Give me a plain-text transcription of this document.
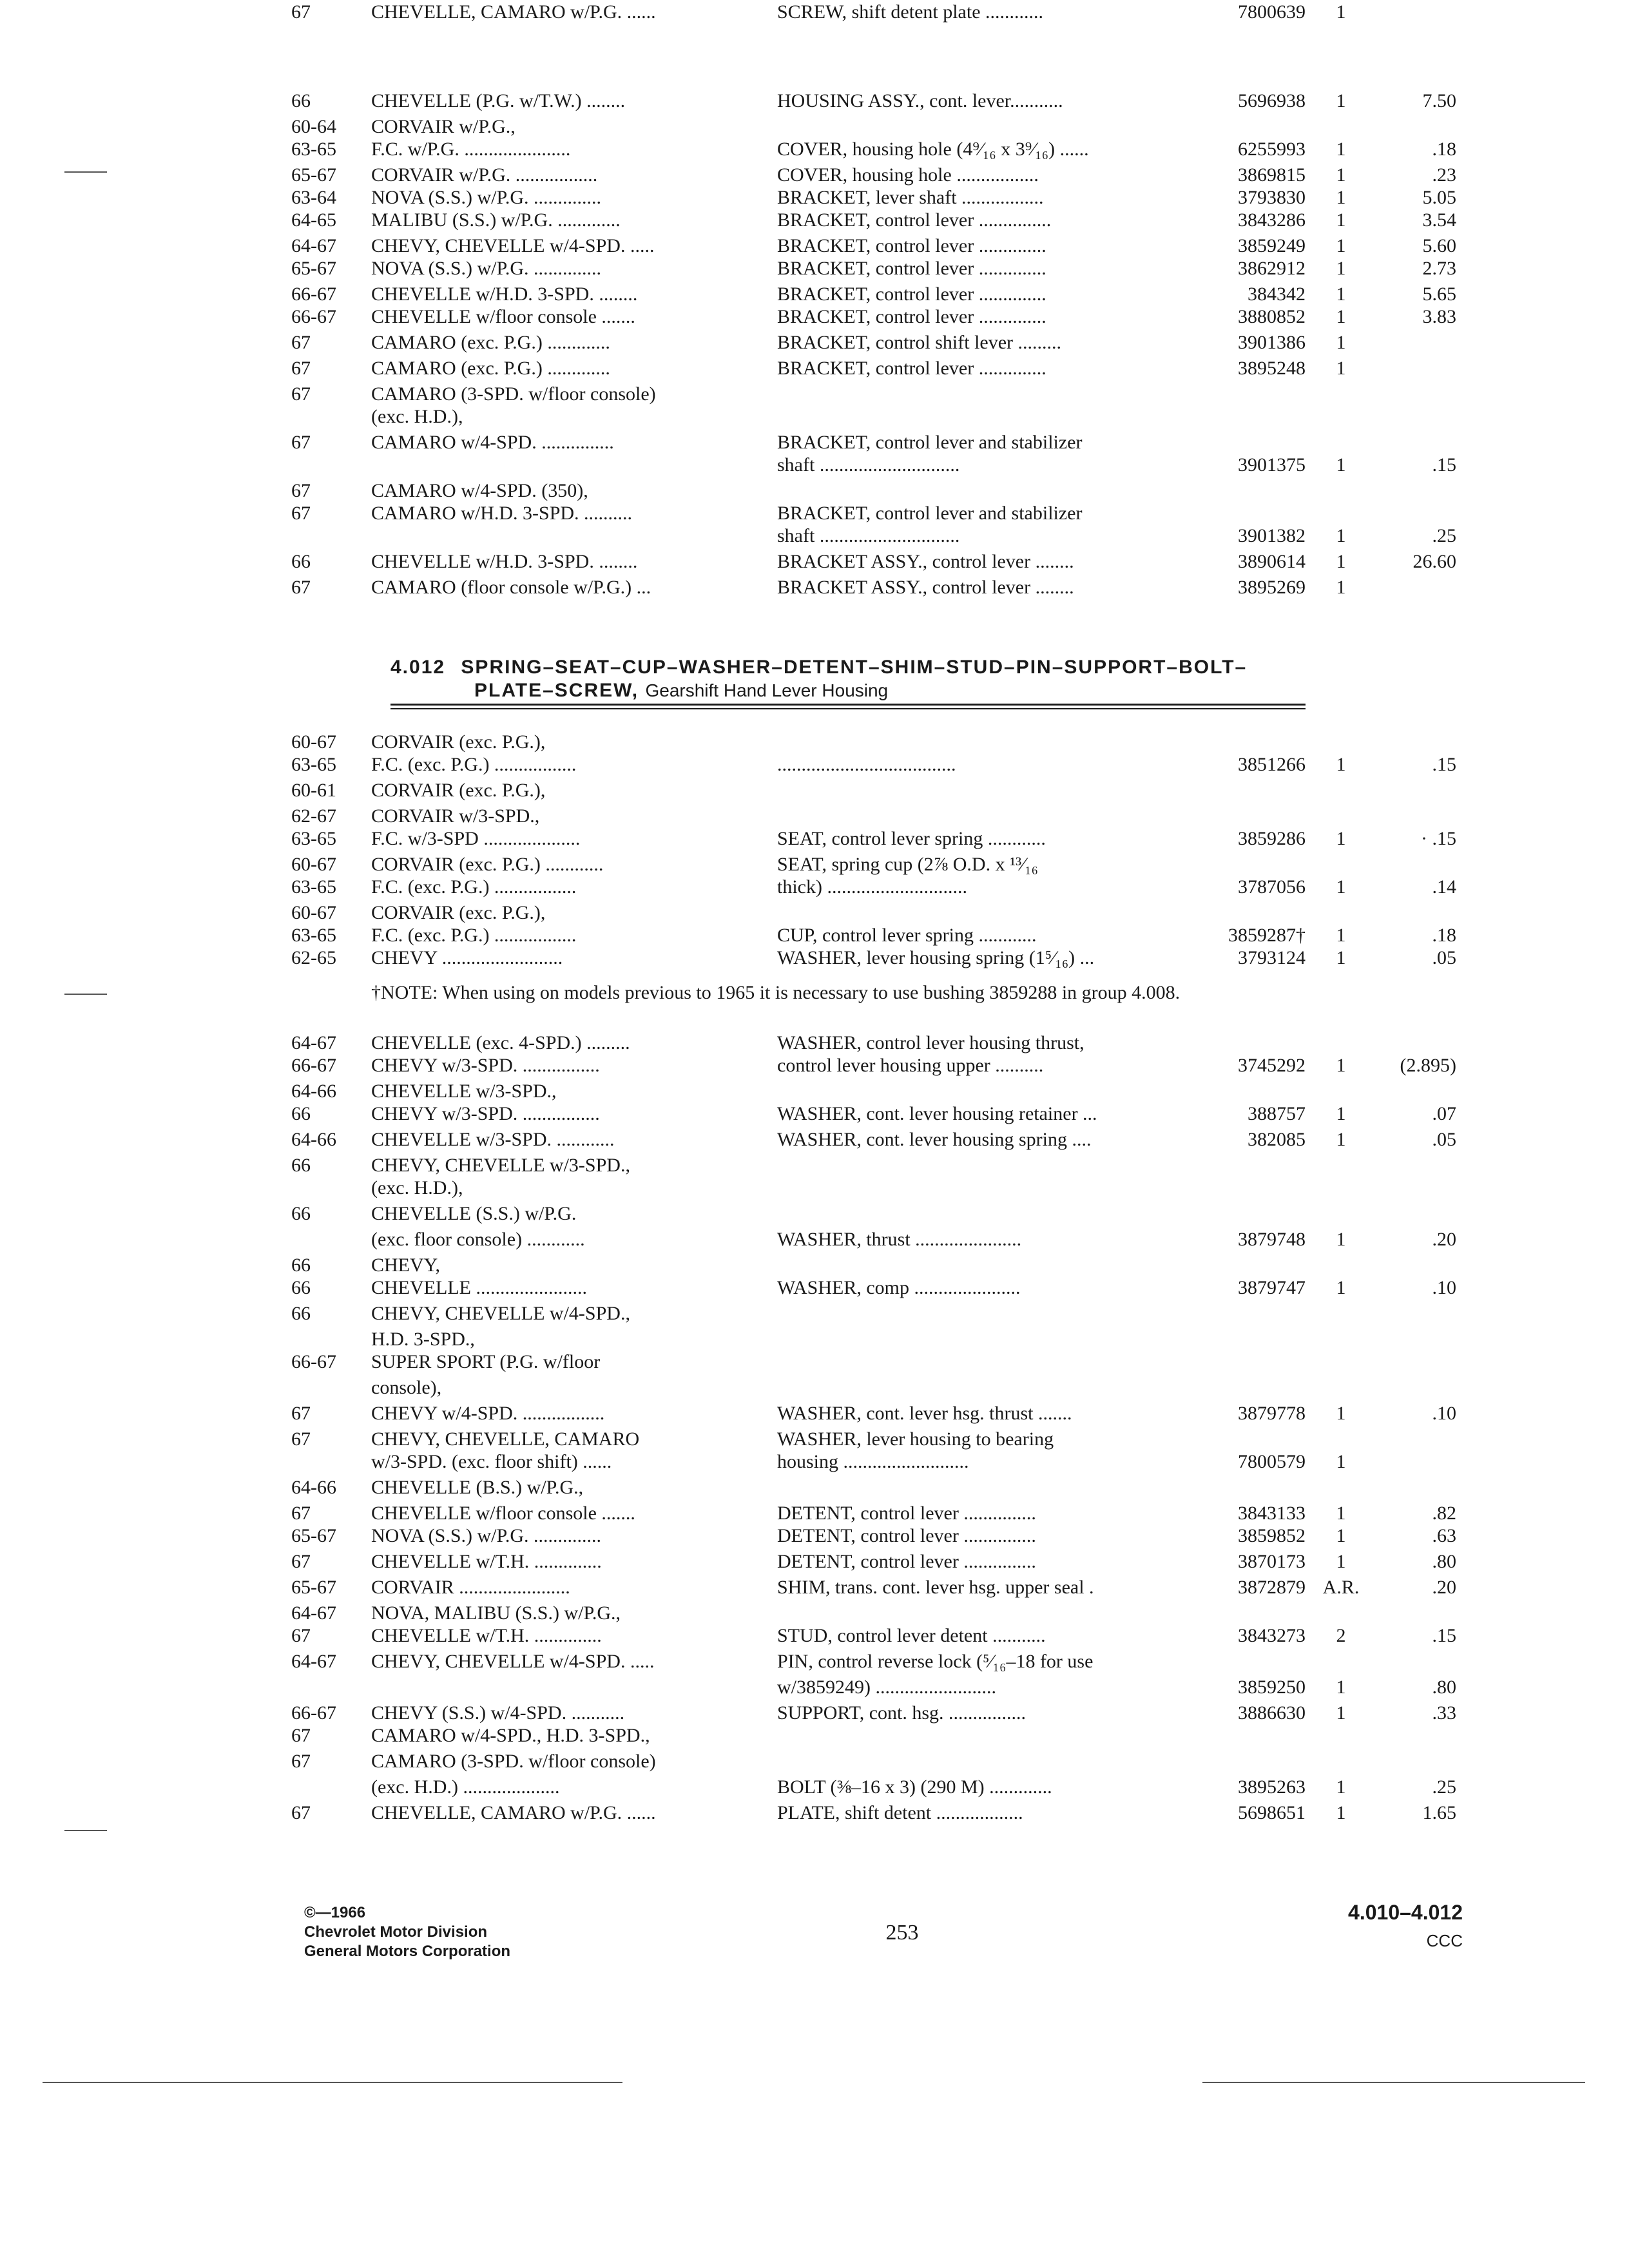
66	CHEVELLE (P.G. w/T.W.) ........	HOUSING ASSY., cont. lever...........	5696938	1	7.50
60-64 CORVAIR w/P.G.,
63-65 F.C. w/P.G. ......................	COVER, housing hole (4⁹⁄₁₆ x 3⁹⁄₁₆) ......	6255993	1	.18
65-67 CORVAIR w/P.G. .................	COVER, housing hole .................	3869815	1	.23
63-64 NOVA (S.S.) w/P.G. ..............	BRACKET, lever shaft .................	3793830	1	5.05
64-65 MALIBU (S.S.) w/P.G. .............	BRACKET, control lever ...............	3843286	1	3.54
64-67 CHEVY, CHEVELLE w/4-SPD. .....	BRACKET, control lever ..............	3859249	1	5.60
65-67 NOVA (S.S.) w/P.G. ..............	BRACKET, control lever ..............	3862912	1	2.73
66-67 CHEVELLE w/H.D. 3-SPD. ........	BRACKET, control lever ..............	384342	1	5.65
66-67 CHEVELLE w/floor console .......	BRACKET, control lever ..............	3880852	1	3.83
67	CAMARO (exc. P.G.) .............	BRACKET, control shift lever .........	3901386	1
67	CAMARO (exc. P.G.) .............	BRACKET, control lever ..............	3895248	1
67	CAMARO (3-SPD. w/floor console)
(exc. H.D.),
67	CAMARO w/4-SPD. ...............	BRACKET, control lever and stabilizer
shaft .............................	3901375	1	.15
67	CAMARO w/4-SPD. (350),
67	CAMARO w/H.D. 3-SPD. ..........	BRACKET, control lever and stabilizer
shaft .............................	3901382	1	.25
66	CHEVELLE w/H.D. 3-SPD. ........	BRACKET ASSY., control lever ........	3890614	1	26.60
67	CAMARO (floor console w/P.G.) ...	BRACKET ASSY., control lever ........	3895269	1
60-67 CORVAIR (exc. P.G.),
63-65 F.C. (exc. P.G.) .................	.....................................	3851266	1	.15
60-61 CORVAIR (exc. P.G.),
62-67 CORVAIR w/3-SPD.,
63-65 F.C. w/3-SPD ....................	SEAT, control lever spring ............	3859286	1	· .15
60-67 CORVAIR (exc. P.G.) ............	SEAT, spring cup (2⅞ O.D. x ¹³⁄₁₆
63-65 F.C. (exc. P.G.) .................	thick) .............................	3787056	1	.14
60-67 CORVAIR (exc. P.G.),
63-65 F.C. (exc. P.G.) .................	CUP, control lever spring ............	3859287†	1	.18
62-65 CHEVY .........................	WASHER, lever housing spring (1⁵⁄₁₆) ...	3793124	1	.05
64-67 CHEVELLE (exc. 4-SPD.) .........	WASHER, control lever housing thrust,
66-67 CHEVY w/3-SPD. ................	control lever housing upper ..........	3745292	1	(2.895)
64-66 CHEVELLE w/3-SPD.,
66	CHEVY w/3-SPD. ................	WASHER, cont. lever housing retainer ...	388757	1	.07
64-66 CHEVELLE w/3-SPD. ............	WASHER, cont. lever housing spring ....	382085	1	.05
66	CHEVY, CHEVELLE w/3-SPD.,
(exc. H.D.),
66	CHEVELLE (S.S.) w/P.G.
(exc. floor console) ............	WASHER, thrust ......................	3879748	1	.20
66	CHEVY,
66	CHEVELLE .......................	WASHER, comp ......................	3879747	1	.10
66	CHEVY, CHEVELLE w/4-SPD.,
H.D. 3-SPD.,
66-67 SUPER SPORT (P.G. w/floor
console),
67	CHEVY w/4-SPD. .................	WASHER, cont. lever hsg. thrust .......	3879778	1	.10
67	CHEVY, CHEVELLE, CAMARO	WASHER, lever housing to bearing
w/3-SPD. (exc. floor shift) ......	housing ..........................	7800579	1
64-66 CHEVELLE (B.S.) w/P.G.,
67	CHEVELLE w/floor console .......	DETENT, control lever ...............	3843133	1	.82
65-67 NOVA (S.S.) w/P.G. ..............	DETENT, control lever ...............	3859852	1	.63
67	CHEVELLE w/T.H. ..............	DETENT, control lever ...............	3870173	1	.80
65-67 CORVAIR .......................	SHIM, trans. cont. lever hsg. upper seal .	3872879 A.R.	.20
64-67 NOVA, MALIBU (S.S.) w/P.G.,
67	CHEVELLE w/T.H. ..............	STUD, control lever detent ...........	3843273	2	.15
64-67 CHEVY, CHEVELLE w/4-SPD. .....	PIN, control reverse lock (⁵⁄₁₆–18 for use
w/3859249) .........................	3859250	1	.80
66-67 CHEVY (S.S.) w/4-SPD. ...........	SUPPORT, cont. hsg. ................	3886630	1	.33
67	CAMARO w/4-SPD., H.D. 3-SPD.,
67	CAMARO (3-SPD. w/floor console)
(exc. H.D.) ....................	BOLT (⅜–16 x 3) (290 M) .............	3895263	1	.25
67	CHEVELLE, CAMARO w/P.G. ......	PLATE, shift detent ..................	5698651	1	1.65
67	CHEVELLE, CAMARO w/P.G. ......	SCREW, shift detent plate ............	7800639	1
4.012 SPRING–SEAT–CUP–WASHER–DETENT–SHIM–STUD–PIN–SUPPORT–BOLT–
PLATE–SCREW, Gearshift Hand Lever Housing
†NOTE: When using on models previous to 1965 it is necessary to use bushing 3859288 in group 4.008.
©—1966
Chevrolet Motor Division
General Motors Corporation
253
4.010–4.012
CCC
